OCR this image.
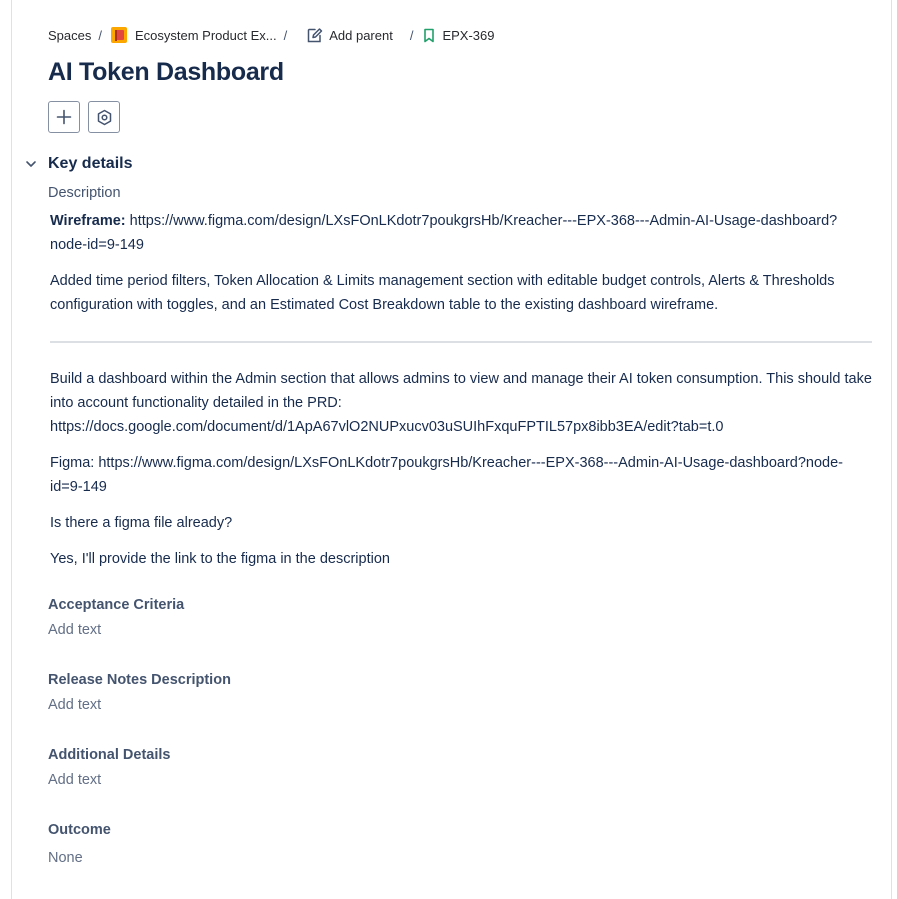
Spaces /	Ecosystem Product Ex... /	Add parent / EPX-369
AI Token Dashboard
Key details
Description

Wireframe: https://www.figma.com/design/LXsFOnLKdotr7poukgrsHb/Kreacher---EPX-368---Admin-AI-Usage-dashboard?node-id=9-149

Added time period filters, Token Allocation & Limits management section with editable budget controls, Alerts & Thresholds configuration with toggles, and an Estimated Cost Breakdown table to the existing dashboard wireframe.

Build a dashboard within the Admin section that allows admins to view and manage their AI token consumption. This should take into account functionality detailed in the PRD: https://docs.google.com/document/d/1ApA67vlO2NUPxucv03uSUIhFxquFPTIL57px8ibb3EA/edit?tab=t.0

Figma: https://www.figma.com/design/LXsFOnLKdotr7poukgrsHb/Kreacher---EPX-368---Admin-AI-Usage-dashboard?node-id=9-149

Is there a figma file already?

Yes, I'll provide the link to the figma in the description

Acceptance Criteria
Add text
Release Notes Description
Add text
Additional Details
Add text
Outcome
None
